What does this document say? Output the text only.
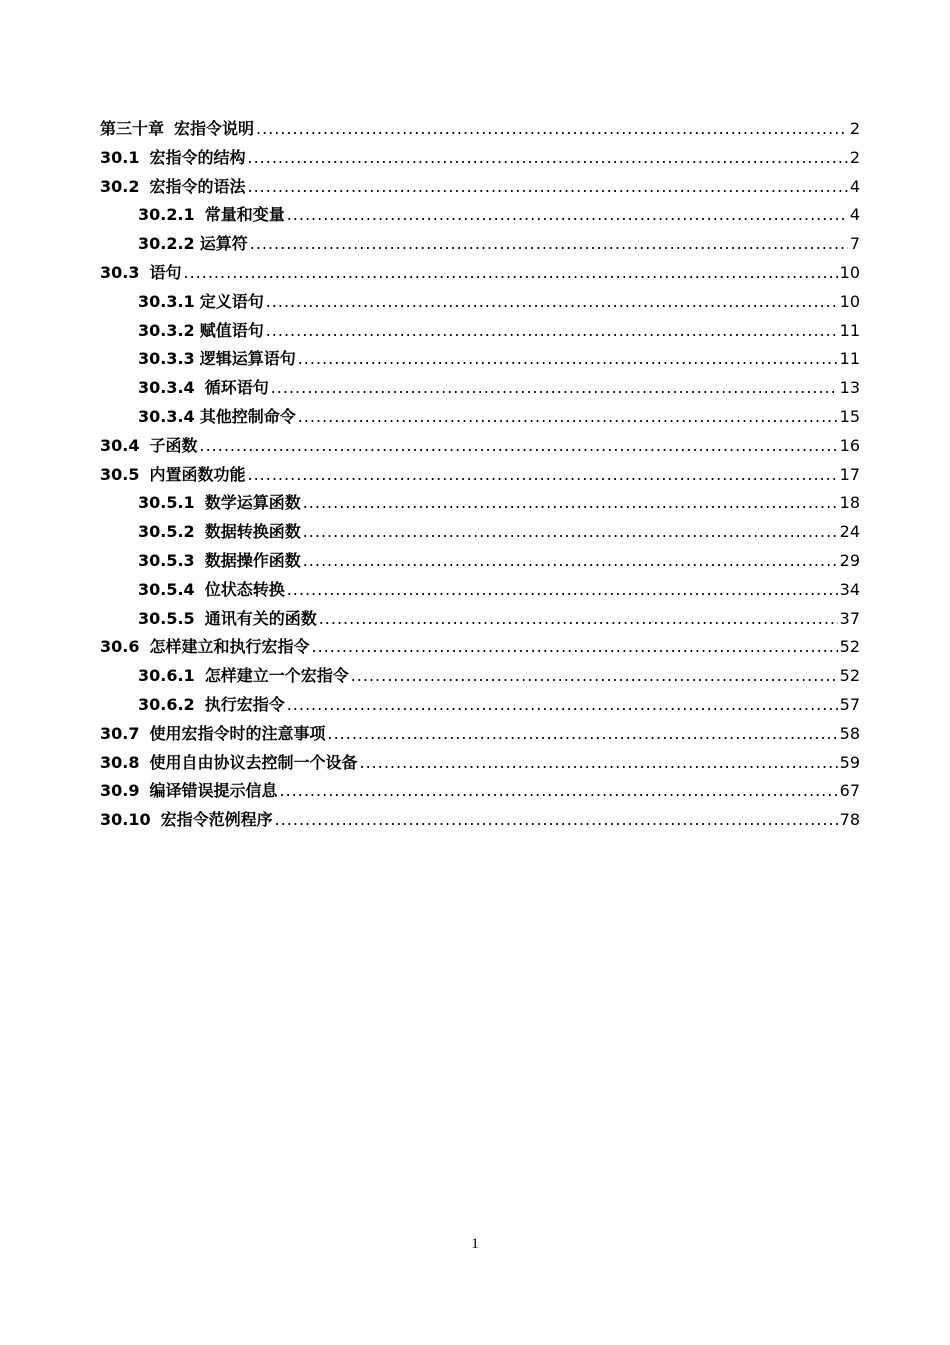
第三十章 宏指令说明 .....	2
30.1 宏指令的结构 .....	2
30.2 宏指令的语法 .....	4
30.2.1 常量和变量 .....	4
30.2.2 运算符 .....	7
30.3 语句 .....	10
30.3.1 定义语句 .....	10
30.3.2 赋值语句 .....	11
30.3.3 逻辑运算语句 .....	11
30.3.4 循环语句 .....	13
30.3.4 其他控制命令 .....	15
30.4 子函数 .....	16
30.5 内置函数功能 .....	17
30.5.1 数学运算函数 .....	18
30.5.2 数据转换函数 .....	24
30.5.3 数据操作函数 .....	29
30.5.4 位状态转换 .....	34
30.5.5 通讯有关的函数 .....	37
30.6 怎样建立和执行宏指令 .....	52
30.6.1 怎样建立一个宏指令 .....	52
30.6.2 执行宏指令 .....	57
30.7 使用宏指令时的注意事项 .....	58
30.8 使用自由协议去控制一个设备 .....	59
30.9 编译错误提示信息 .....	67
30.10 宏指令范例程序 .....	78
1
